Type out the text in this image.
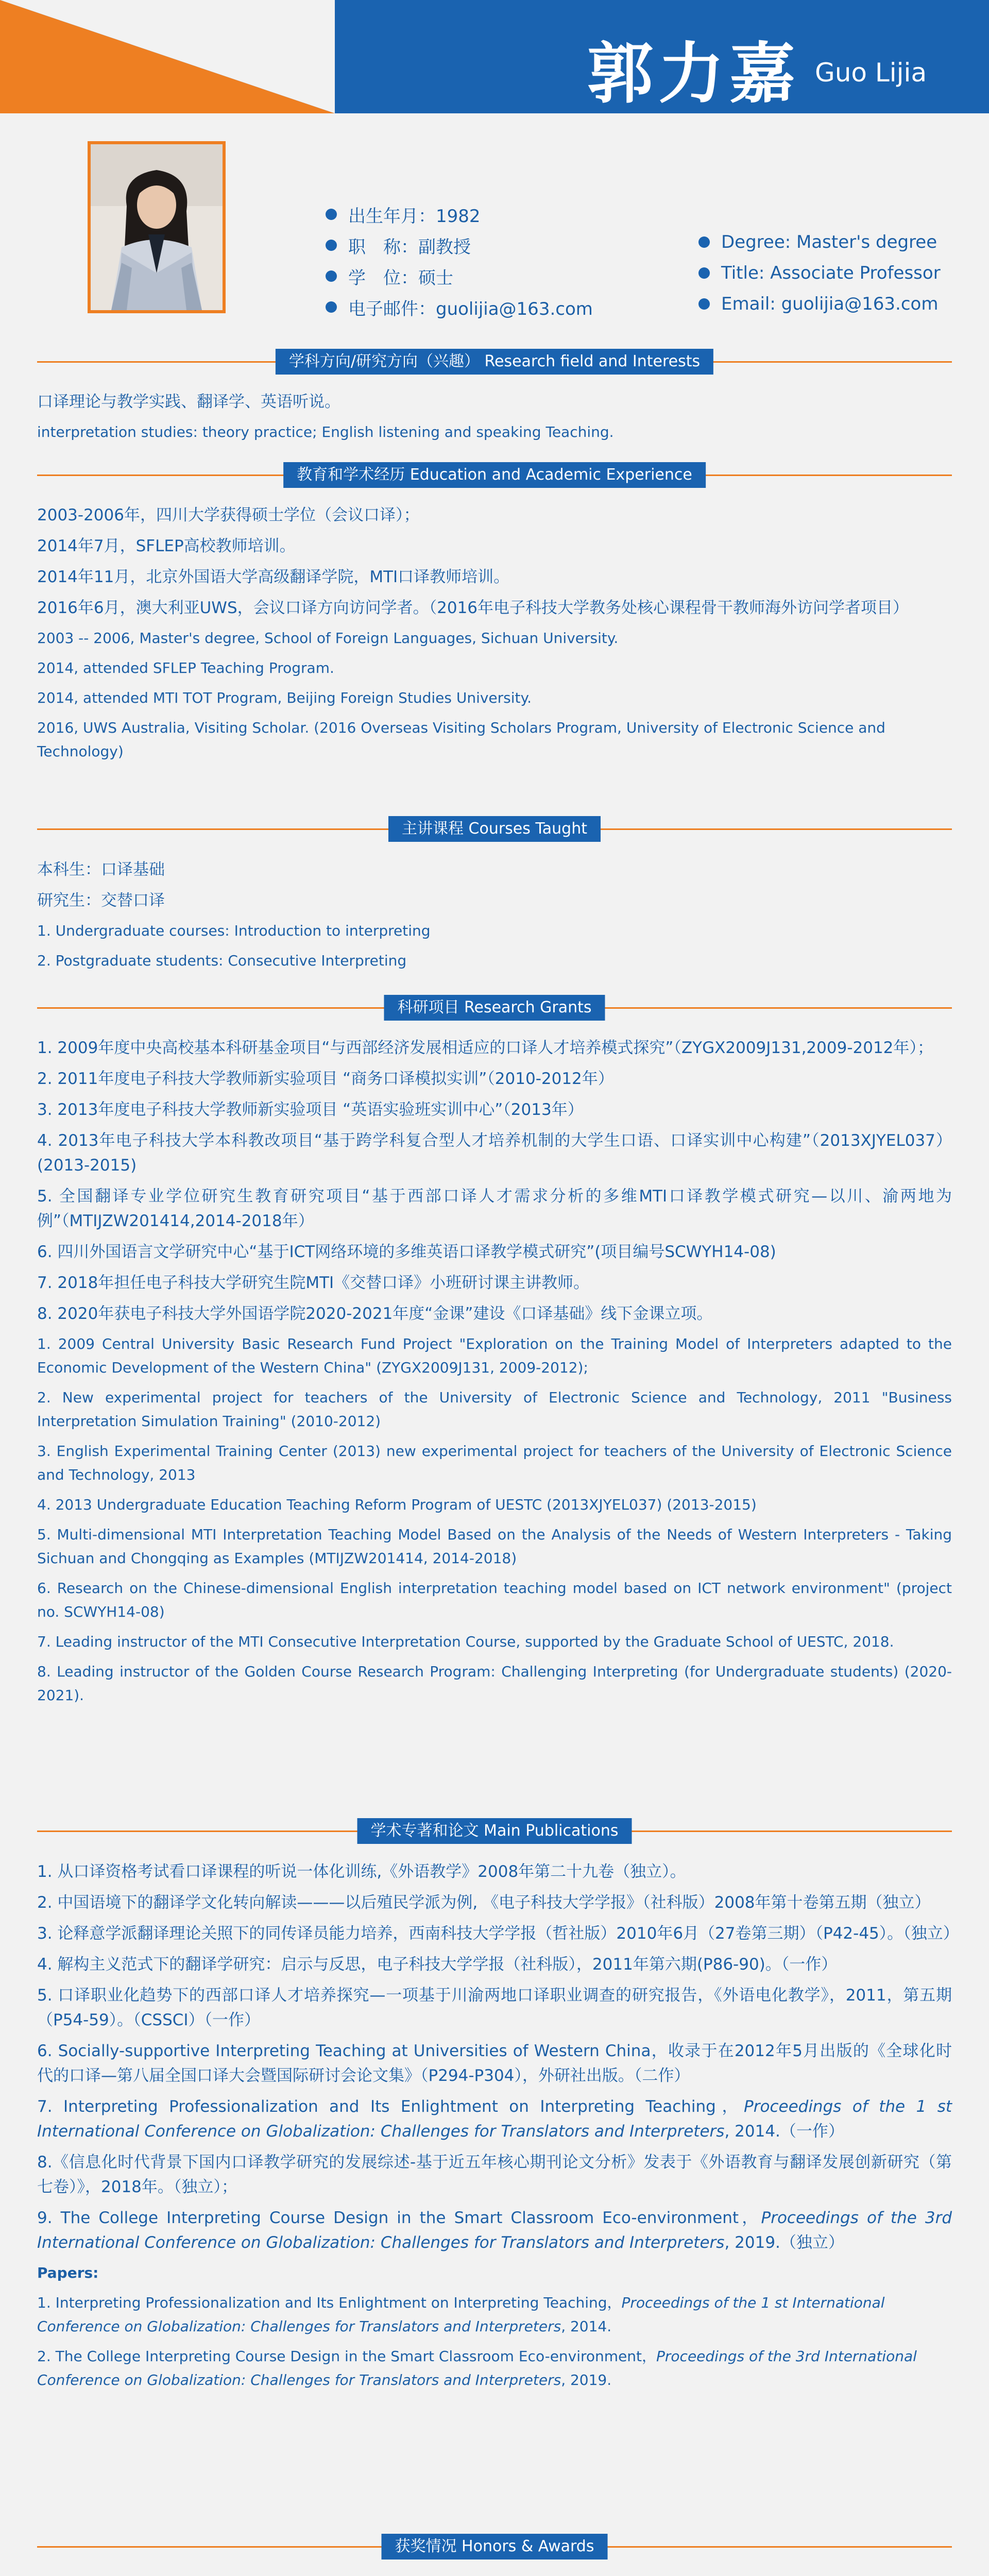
郭力嘉 Guo Lijia
出生年月：1982
职　称：副教授
学　位：硕士
电子邮件：guolijia@163.com
Degree: Master's degree
Title: Associate Professor
Email: guolijia@163.com
学科方向/研究方向（兴趣） Research field and Interests

口译理论与教学实践、翻译学、英语听说。

interpretation studies: theory practice; English listening and speaking Teaching.

教育和学术经历 Education and Academic Experience

2003-2006年，四川大学获得硕士学位（会议口译）；

2014年7月，SFLEP高校教师培训。

2014年11月，北京外国语大学高级翻译学院，MTI口译教师培训。

2016年6月，澳大利亚UWS，会议口译方向访问学者。（2016年电子科技大学教务处核心课程骨干教师海外访问学者项目）

2003 -- 2006, Master's degree, School of Foreign Languages, Sichuan University.

2014, attended SFLEP Teaching Program.

2014, attended MTI TOT Program, Beijing Foreign Studies University.

2016, UWS Australia, Visiting Scholar. (2016 Overseas Visiting Scholars Program, University of Electronic Science and Technology)

主讲课程 Courses Taught

本科生：口译基础

研究生：交替口译

1. Undergraduate courses: Introduction to interpreting

2. Postgraduate students: Consecutive Interpreting

科研项目 Research Grants

1. 2009年度中央高校基本科研基金项目“与西部经济发展相适应的口译人才培养模式探究”（ZYGX2009J131,2009-2012年）；

2. 2011年度电子科技大学教师新实验项目 “商务口译模拟实训”（2010-2012年）

3. 2013年度电子科技大学教师新实验项目 “英语实验班实训中心”（2013年）

4. 2013年电子科技大学本科教改项目“基于跨学科复合型人才培养机制的大学生口语、口译实训中心构建”（2013XJYEL037）(2013-2015)

5. 全国翻译专业学位研究生教育研究项目“基于西部口译人才需求分析的多维MTI口译教学模式研究—以川、渝两地为例”（MTIJZW201414,2014-2018年）

6. 四川外国语言文学研究中心“基于ICT网络环境的多维英语口译教学模式研究”(项目编号SCWYH14-08)

7. 2018年担任电子科技大学研究生院MTI《交替口译》小班研讨课主讲教师。

8. 2020年获电子科技大学外国语学院2020-2021年度“金课”建设《口译基础》线下金课立项。

1. 2009 Central University Basic Research Fund Project "Exploration on the Training Model of Interpreters adapted to the Economic Development of the Western China" (ZYGX2009J131, 2009-2012);

2. New experimental project for teachers of the University of Electronic Science and Technology, 2011 "Business Interpretation Simulation Training" (2010-2012)

3. English Experimental Training Center (2013) new experimental project for teachers of the University of Electronic Science and Technology, 2013

4. 2013 Undergraduate Education Teaching Reform Program of UESTC (2013XJYEL037) (2013-2015)

5. Multi-dimensional MTI Interpretation Teaching Model Based on the Analysis of the Needs of Western Interpreters - Taking Sichuan and Chongqing as Examples (MTIJZW201414, 2014-2018)

6. Research on the Chinese-dimensional English interpretation teaching model based on ICT network environment" (project no. SCWYH14-08)

7. Leading instructor of the MTI Consecutive Interpretation Course, supported by the Graduate School of UESTC, 2018.

8. Leading instructor of the Golden Course Research Program: Challenging Interpreting (for Undergraduate students) (2020-2021).

学术专著和论文 Main Publications

1. 从口译资格考试看口译课程的听说一体化训练,《外语教学》2008年第二十九卷（独立）。

2. 中国语境下的翻译学文化转向解读———以后殖民学派为例, 《电子科技大学学报》（社科版）2008年第十卷第五期（独立）

3. 论释意学派翻译理论关照下的同传译员能力培养，西南科技大学学报（哲社版）2010年6月（27卷第三期）（P42-45）。（独立）

4. 解构主义范式下的翻译学研究：启示与反思，电子科技大学学报（社科版），2011年第六期(P86-90)。（一作）

5. 口译职业化趋势下的西部口译人才培养探究—一项基于川渝两地口译职业调查的研究报告，《外语电化教学》，2011，第五期（P54-59）。（CSSCI）（一作）

6. Socially-supportive Interpreting Teaching at Universities of Western China，收录于在2012年5月出版的《全球化时代的口译—第八届全国口译大会暨国际研讨会论文集》（P294-P304），外研社出版。（二作）

7. Interpreting Professionalization and Its Enlightment on Interpreting Teaching，Proceedings of the 1 st International Conference on Globalization: Challenges for Translators and Interpreters, 2014.（一作）

8.《信息化时代背景下国内口译教学研究的发展综述-基于近五年核心期刊论文分析》发表于《外语教育与翻译发展创新研究（第七卷）》，2018年。（独立）；

9. The College Interpreting Course Design in the Smart Classroom Eco-environment，Proceedings of the 3rd International Conference on Globalization: Challenges for Translators and Interpreters, 2019.（独立）

Papers:

1. Interpreting Professionalization and Its Enlightment on Interpreting Teaching，Proceedings of the 1 st International Conference on Globalization: Challenges for Translators and Interpreters, 2014.

2. The College Interpreting Course Design in the Smart Classroom Eco-environment，Proceedings of the 3rd International Conference on Globalization: Challenges for Translators and Interpreters, 2019.

获奖情况 Honors & Awards
